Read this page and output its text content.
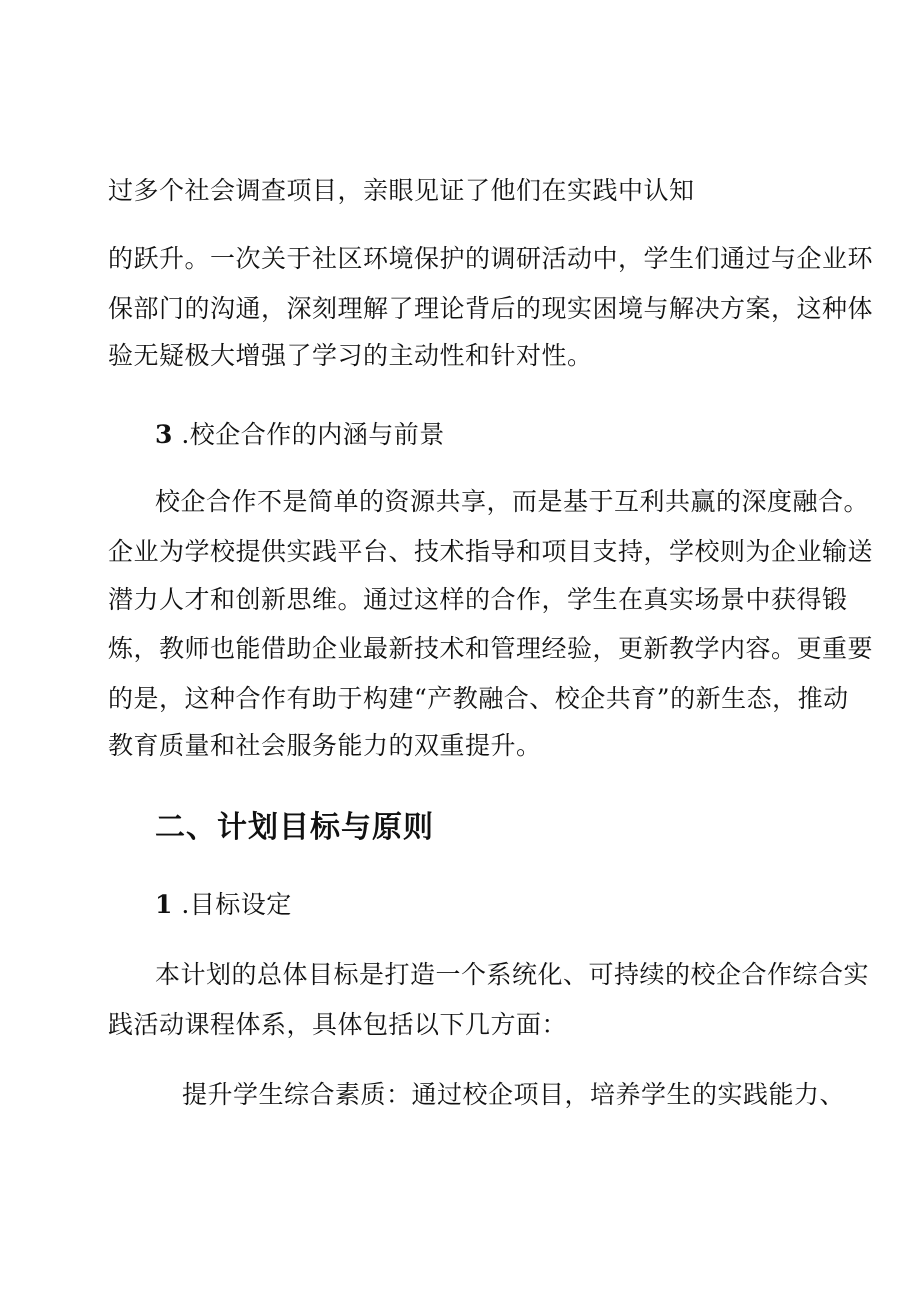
过多个社会调查项目，亲眼见证了他们在实践中认知
的跃升。一次关于社区环境保护的调研活动中，学生们通过与企业环
保部门的沟通，深刻理解了理论背后的现实困境与解决方案，这种体
验无疑极大增强了学习的主动性和针对性。
3 .校企合作的内涵与前景
校企合作不是简单的资源共享，而是基于互利共赢的深度融合。
企业为学校提供实践平台、技术指导和项目支持，学校则为企业输送
潜力人才和创新思维。通过这样的合作，学生在真实场景中获得锻
炼，教师也能借助企业最新技术和管理经验，更新教学内容。更重要
的是，这种合作有助于构建“产教融合、校企共育”的新生态，推动
教育质量和社会服务能力的双重提升。
二、计划目标与原则
1 .目标设定
本计划的总体目标是打造一个系统化、可持续的校企合作综合实
践活动课程体系，具体包括以下几方面：
提升学生综合素质：通过校企项目，培养学生的实践能力、
